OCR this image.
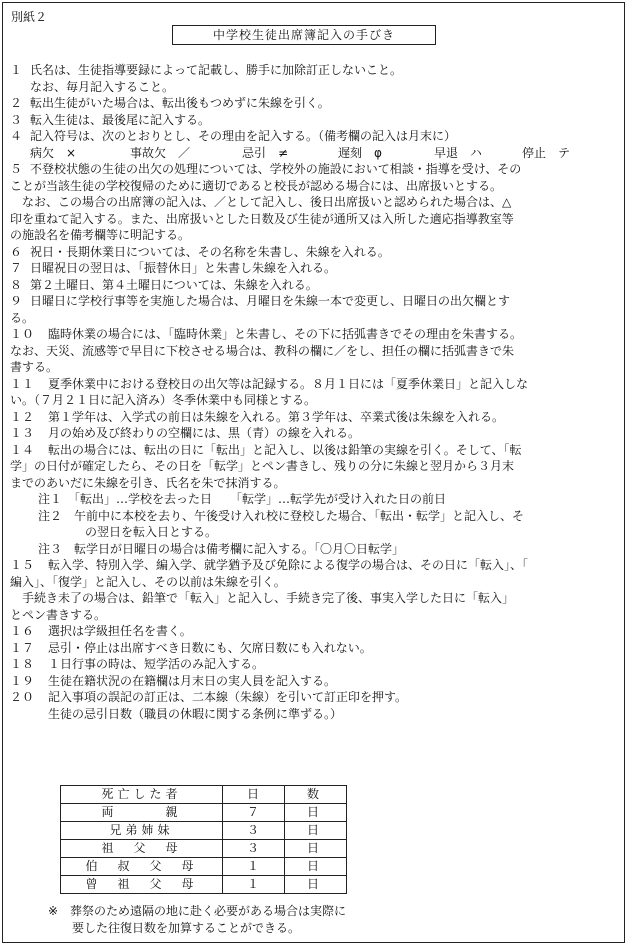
別紙２
中学校生徒出席簿記入の手びき
１ 氏名は、生徒指導要録によって記載し、勝手に加除訂正しないこと。
なお、毎月記入すること。
２ 転出生徒がいた場合は、転出後もつめずに朱線を引く。
３ 転入生徒は、最後尾に記入する。
４ 記入符号は、次のとおりとし、その理由を記入する。（備考欄の記入は月末に）
病欠　×	事故欠　／	忌引　≠	遅刻　φ	早退　ハ	停止　テ
５ 不登校状態の生徒の出欠の処理については、学校外の施設において相談・指導を受け、その
ことが当該生徒の学校復帰のために適切であると校長が認める場合には、出席扱いとする。
　なお、この場合の出席簿の記入は、／として記入し、後日出席扱いと認められた場合は、△
印を重ねて記入する。また、出席扱いとした日数及び生徒が通所又は入所した適応指導教室等
の施設名を備考欄等に明記する。
６ 祝日・長期休業日については、その名称を朱書し、朱線を入れる。
７ 日曜祝日の翌日は、「振替休日」と朱書し朱線を入れる。
８ 第２土曜日、第４土曜日については、朱線を入れる。
９ 日曜日に学校行事等を実施した場合は、月曜日を朱線一本で変更し、日曜日の出欠欄とす
る。
１０ 臨時休業の場合には、「臨時休業」と朱書し、その下に括弧書きでその理由を朱書する。
なお、天災、流感等で早目に下校させる場合は、教科の欄に／をし、担任の欄に括弧書きで朱
書する。
１１ 夏季休業中における登校日の出欠等は記録する。８月１日には「夏季休業日」と記入しな
い。（７月２１日に記入済み）冬季休業中も同様とする。
１２ 第１学年は、入学式の前日は朱線を入れる。第３学年は、卒業式後は朱線を入れる。
１３ 月の始め及び終わりの空欄には、黒（青）の線を入れる。
１４ 転出の場合には、転出の日に「転出」と記入し、以後は鉛筆の実線を引く。そして、「転
学」の日付が確定したら、その日を「転学」とペン書きし、残りの分に朱線と翌月から３月末
までのあいだに朱線を引き、氏名を朱で抹消する。
注１　「転出」…学校を去った日　　「転学」…転学先が受け入れた日の前日
注２　午前中に本校を去り、午後受け入れ校に登校した場合、「転出・転学」と記入し、そ
の翌日を転入日とする。
注３　転学日が日曜日の場合は備考欄に記入する。「〇月〇日転学」
１５ 転入学、特別入学、編入学、就学猶予及び免除による復学の場合は、その日に「転入」、「
編入」、「復学」と記入し、その以前は朱線を引く。
　手続き未了の場合は、鉛筆で「転入」と記入し、手続き完了後、事実入学した日に「転入」
とペン書きする。
１６ 選択は学級担任名を書く。
１７ 忌引・停止は出席すべき日数にも、欠席日数にも入れない。
１８ １日行事の時は、短学活のみ記入する。
１９ 生徒在籍状況の在籍欄は月末日の実人員を記入する。
２０ 記入事項の誤記の訂正は、二本線（朱線）を引いて訂正印を押す。
生徒の忌引日数（職員の休暇に関する条例に準ずる。）
死亡した者	日	数
両　　　親	７	日
兄弟姉妹	３	日
祖　父　母	３	日
伯　叔　父　母	１	日
曾　祖　父　母	１	日
※　葬祭のため遠隔の地に赴く必要がある場合は実際に
　　要した往復日数を加算することができる。
